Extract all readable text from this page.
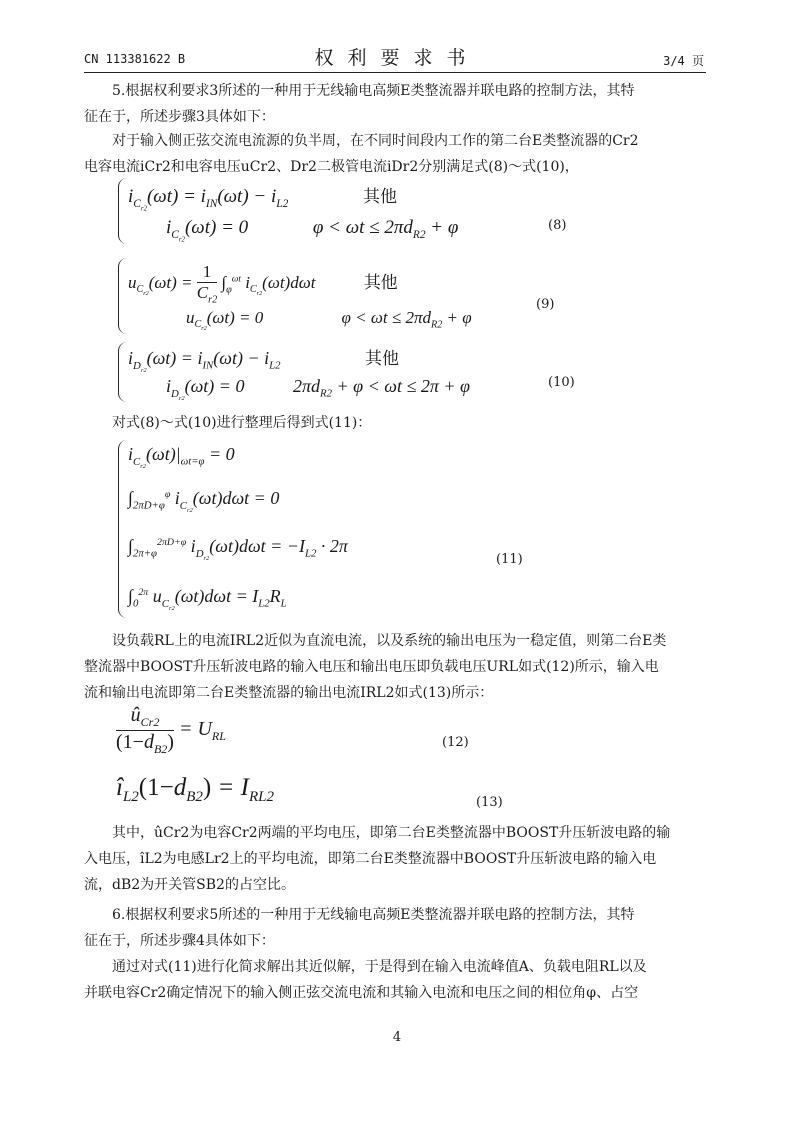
CN 113381622 B	权利要求书	3/4 页
5.根据权利要求3所述的一种用于无线输电高频E类整流器并联电路的控制方法，其特
征在于，所述步骤3具体如下：
对于输入侧正弦交流电流源的负半周，在不同时间段内工作的第二台E类整流器的Cr2
电容电流iCr2和电容电压uCr2、Dr2二极管电流iDr2分别满足式(8)～式(10)，
$i_{C_{r2}}(\omega t) = i_{IN}(\omega t) - i_{L2}$	其他
$i_{C_{r2}}(\omega t) = 0$	$\varphi < \omega t \le 2\pi d_{R2} + \varphi$	(8)
$u_{C_{r2}}(\omega t) = \frac{1}{C_{r2}} \int_\varphi^{\omega t}$ $i_{C_{r2}}(\omega t)d\omega t$	其他
$u_{C_{r2}}(\omega t) = 0$	$\varphi < \omega t \le 2\pi d_{R2} + \varphi$
(9)
$i_{D_{r2}}(\omega t) = i_{IN}(\omega t) - i_{L2}$	其他
$i_{D_{r2}}(\omega t) = 0$	$2\pi d_{R2} + \varphi < \omega t \le 2\pi + \varphi$	(10)
对式(8)～式(10)进行整理后得到式(11)：
$i_{C_{r2}}(\omega t)|_{\omega t=\varphi} = 0$
$\int_{2\pi D+\varphi}^\varphi$ $i_{C_{r2}}(\omega t)d\omega t = 0$
$\int_{2\pi+\varphi}^{2\pi D+\varphi}$ $i_{D_{r2}}(\omega t)d\omega t = -I_{L2} \cdot 2\pi$
$\int_0^{2\pi}$ $u_{C_{r2}}(\omega t)d\omega t = I_{L2}R_L$
(11)
设负载RL上的电流IRL2近似为直流电流，以及系统的输出电压为一稳定值，则第二台E类
整流器中BOOST升压斩波电路的输入电压和输出电压即负载电压URL如式(12)所示，输入电
流和输出电流即第二台E类整流器的输出电流IRL2如式(13)所示：
$\frac{û_{Cr2}}{(1-d_{B2})} = U_{RL}$	(12)
$î_{L2}(1-d_{B2}) = I_{RL2}$	(13)
其中，ûCr2为电容Cr2两端的平均电压，即第二台E类整流器中BOOST升压斩波电路的输
入电压，îL2为电感Lr2上的平均电流，即第二台E类整流器中BOOST升压斩波电路的输入电
流，dB2为开关管SB2的占空比。
6.根据权利要求5所述的一种用于无线输电高频E类整流器并联电路的控制方法，其特
征在于，所述步骤4具体如下：
通过对式(11)进行化简求解出其近似解，于是得到在输入电流峰值A、负载电阻RL以及
并联电容Cr2确定情况下的输入侧正弦交流电流和其输入电流和电压之间的相位角φ、占空
4
